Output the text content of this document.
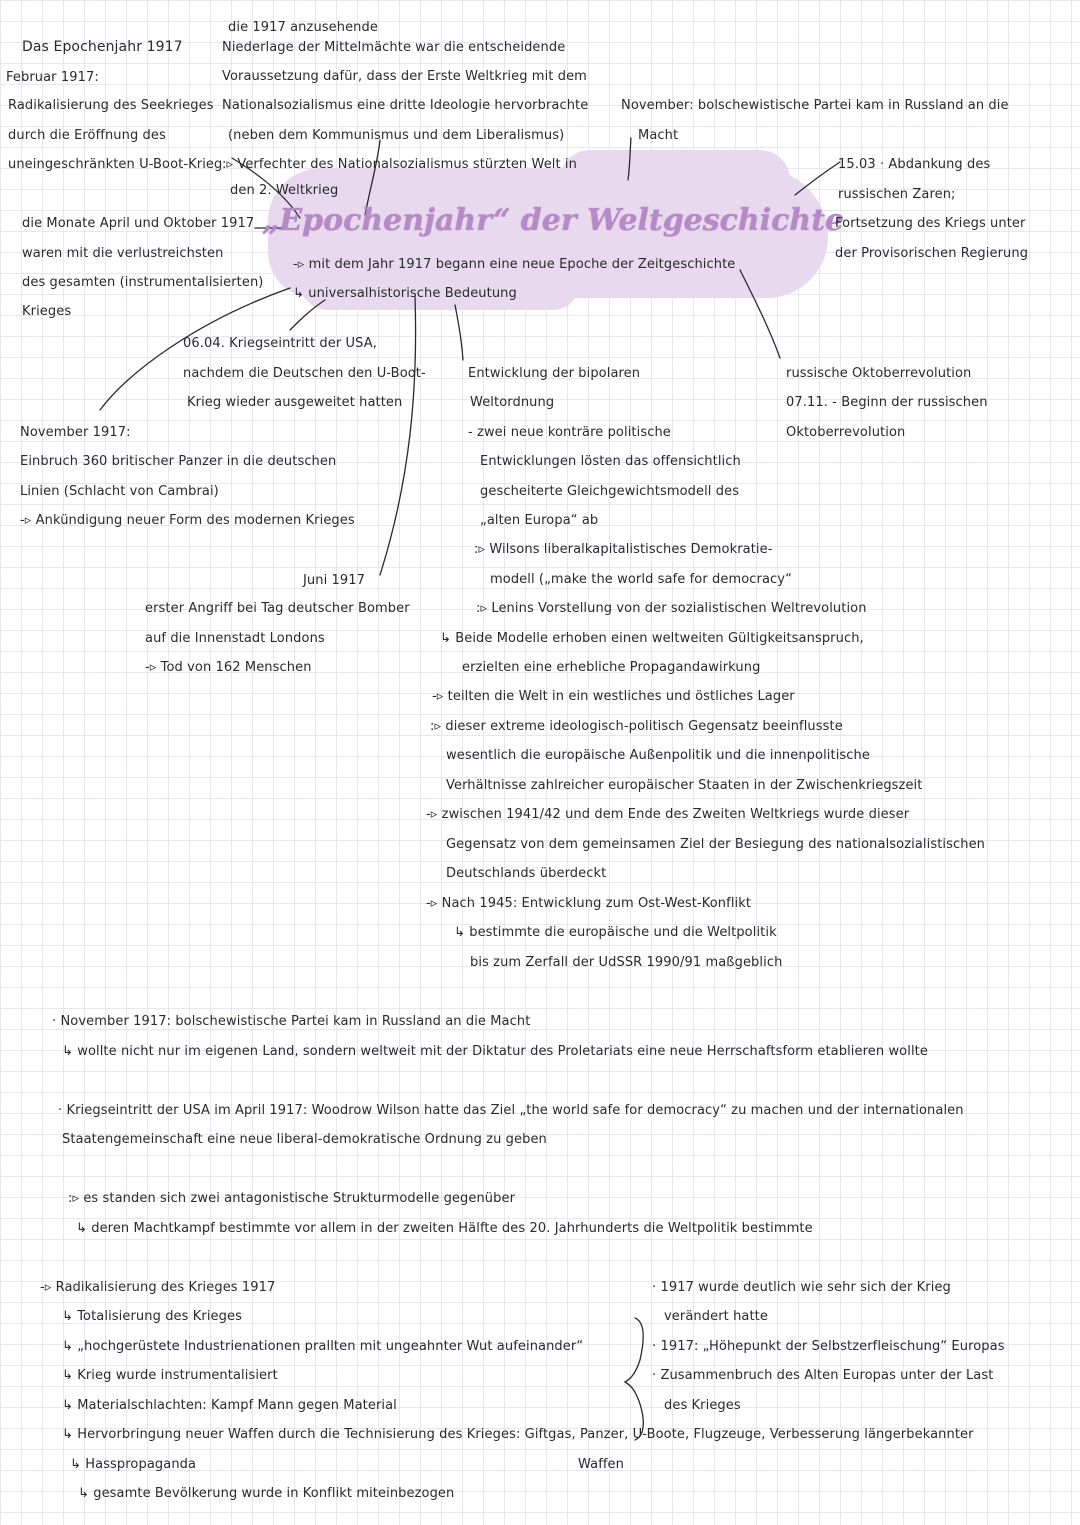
„Epochenjahr“ der Weltgeschichte
-▹ mit dem Jahr 1917 begann eine neue Epoche der Zeitgeschichte
↳ universalhistorische Bedeutung
Das Epochenjahr 1917
Februar 1917:
Radikalisierung des Seekrieges
durch die Eröffnung des
uneingeschränkten U-Boot-Krieg
die 1917 anzusehende
Niederlage der Mittelmächte war die entscheidende
Voraussetzung dafür, dass der Erste Weltkrieg mit dem
Nationalsozialismus eine dritte Ideologie hervorbrachte
(neben dem Kommunismus und dem Liberalismus)
:▹ Verfechter des Nationalsozialismus stürzten Welt in
den 2. Weltkrieg
November: bolschewistische Partei kam in Russland an die
Macht
15.03 · Abdankung des
russischen Zaren;
Fortsetzung des Kriegs unter
der Provisorischen Regierung
die Monate April und Oktober 1917
waren mit die verlustreichsten
des gesamten (instrumentalisierten)
Krieges
06.04. Kriegseintritt der USA,
nachdem die Deutschen den U-Boot-
Krieg wieder ausgeweitet hatten
russische Oktoberrevolution
07.11. - Beginn der russischen
Oktoberrevolution
November 1917:
Einbruch 360 britischer Panzer in die deutschen
Linien (Schlacht von Cambrai)
-▹ Ankündigung neuer Form des modernen Krieges
Juni 1917
erster Angriff bei Tag deutscher Bomber
auf die Innenstadt Londons
-▹ Tod von 162 Menschen
Entwicklung der bipolaren
Weltordnung
- zwei neue konträre politische
Entwicklungen lösten das offensichtlich
gescheiterte Gleichgewichtsmodell des
„alten Europa“ ab
:▹ Wilsons liberalkapitalistisches Demokratie-
modell („make the world safe for democracy“
:▹ Lenins Vorstellung von der sozialistischen Weltrevolution
↳ Beide Modelle erhoben einen weltweiten Gültigkeitsanspruch,
erzielten eine erhebliche Propagandawirkung
-▹ teilten die Welt in ein westliches und östliches Lager
:▹ dieser extreme ideologisch-politisch Gegensatz beeinflusste
wesentlich die europäische Außenpolitik und die innenpolitische
Verhältnisse zahlreicher europäischer Staaten in der Zwischenkriegszeit
-▹ zwischen 1941/42 und dem Ende des Zweiten Weltkriegs wurde dieser
Gegensatz von dem gemeinsamen Ziel der Besiegung des nationalsozialistischen
Deutschlands überdeckt
-▹ Nach 1945: Entwicklung zum Ost-West-Konflikt
↳ bestimmte die europäische und die Weltpolitik
bis zum Zerfall der UdSSR 1990/91 maßgeblich
· November 1917: bolschewistische Partei kam in Russland an die Macht
↳ wollte nicht nur im eigenen Land, sondern weltweit mit der Diktatur des Proletariats eine neue Herrschaftsform etablieren wollte
· Kriegseintritt der USA im April 1917: Woodrow Wilson hatte das Ziel „the world safe for democracy“ zu machen und der internationalen
Staatengemeinschaft eine neue liberal-demokratische Ordnung zu geben
:▹ es standen sich zwei antagonistische Strukturmodelle gegenüber
↳ deren Machtkampf bestimmte vor allem in der zweiten Hälfte des 20. Jahrhunderts die Weltpolitik bestimmte
-▹ Radikalisierung des Krieges 1917
↳ Totalisierung des Krieges
↳ „hochgerüstete Industrienationen prallten mit ungeahnter Wut aufeinander“
↳ Krieg wurde instrumentalisiert
↳ Materialschlachten: Kampf Mann gegen Material
↳ Hervorbringung neuer Waffen durch die Technisierung des Krieges: Giftgas, Panzer, U-Boote, Flugzeuge, Verbesserung längerbekannter
Waffen
↳ Hasspropaganda
↳ gesamte Bevölkerung wurde in Konflikt miteinbezogen
· 1917 wurde deutlich wie sehr sich der Krieg
verändert hatte
· 1917: „Höhepunkt der Selbstzerfleischung“ Europas
· Zusammenbruch des Alten Europas unter der Last
des Krieges
